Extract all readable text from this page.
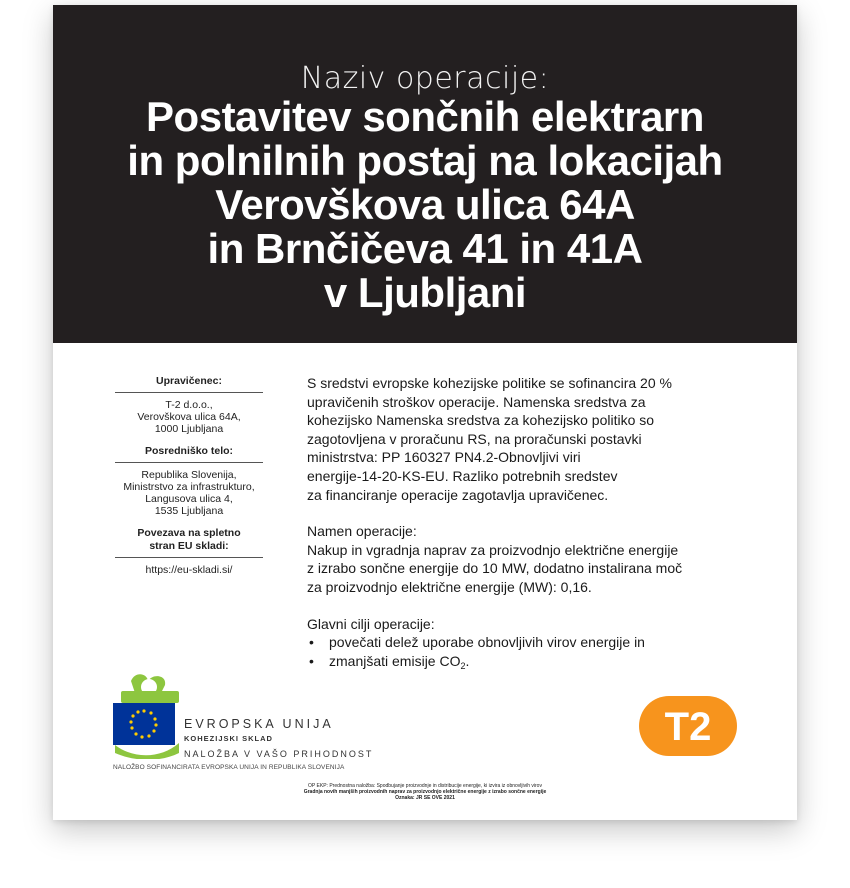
Naziv operacije:
Postavitev sončnih elektrarn
in polnilnih postaj na lokacijah
Verovškova ulica 64A
in Brnčičeva 41 in 41A
v Ljubljani
Upravičenec:
T-2 d.o.o.,
Verovškova ulica 64A,
1000 Ljubljana
Posredniško telo:
Republika Slovenija,
Ministrstvo za infrastrukturo,
Langusova ulica 4,
1535 Ljubljana
Povezava na spletno
stran EU skladi:
https://eu-skladi.si/

S sredstvi evropske kohezijske politike se sofinancira 20 %
upravičenih stroškov operacije. Namenska sredstva za
kohezijsko Namenska sredstva za kohezijsko politiko so
zagotovljena v proračunu RS, na proračunski postavki
ministrstva: PP 160327 PN4.2-Obnovljivi viri
energije-14-20-KS-EU. Razliko potrebnih sredstev
za financiranje operacije zagotavlja upravičenec.

Namen operacije:
Nakup in vgradnja naprav za proizvodnjo električne energije
z izrabo sončne energije do 10 MW, dodatno instalirana moč
za proizvodnjo električne energije (MW): 0,16.

Glavni cilji operacije:
• povečati delež uporabe obnovljivih virov energije in
• zmanjšati emisije $CO_2$.
EVROPSKA UNIJA
KOHEZIJSKI SKLAD
NALOŽBA V VAŠO PRIHODNOST
NALOŽBO SOFINANCIRATA EVROPSKA UNIJA IN REPUBLIKA SLOVENIJA
T2
OP EKP: Prednostna naložba: Spodbujanje proizvodnje in distribucije energije, ki izvira iz obnovljivih virov
Gradnja novih manjših proizvodnih naprav za proizvodnjo električne energije z izrabo sončne energije
Oznaka: JR SE OVE 2021
